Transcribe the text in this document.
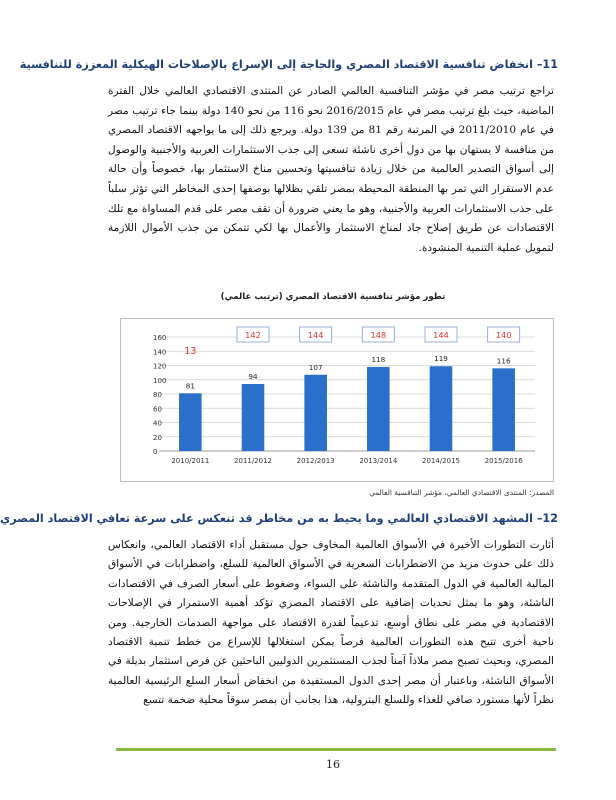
11– انخفاض تنافسية الاقتصاد المصري والحاجة إلى الإسراع بالإصلاحات الهيكلية المعززة للتنافسية
تراجع ترتيب مصر في مؤشر التنافسية العالمي الصادر عن المنتدى الاقتصادي العالمي خلال الفترة الماضية، حيث بلغ ترتيب مصر في عام 2016/2015 نحو 116 من نحو 140 دولة بينما جاء ترتيب مصر في عام 2011/2010 في المرتبة رقم 81 من 139 دولة. ويرجع ذلك إلى ما يواجهه الاقتصاد المصري من منافسة لا يستهان بها من دول أخرى ناشئة تسعى إلى جذب الاستثمارات العربية والأجنبية والوصول إلى أسواق التصدير العالمية من خلال زيادة تنافسيتها وتحسين مناخ الاستثمار بها، خصوصاً وأن حالة عدم الاستقرار التي تمر بها المنطقة المحيطة بمصر تلقي بظلالها بوصفها إحدى المخاطر التي تؤثر سلباً على جذب الاستثمارات العربية والأجنبية، وهو ما يعني ضرورة أن تقف مصر على قدم المساواة مع تلك الاقتصادات عن طريق إصلاح جاد لمناخ الاستثمار والأعمال بها لكي تتمكن من جذب الأموال اللازمة لتمويل عملية التنمية المنشودة.
تطور مؤشر تنافسية الاقتصاد المصري (ترتيب عالمي)
0
20
40
60
80
100
120
140
160
81
2010/2011
13
94
2011/2012
142
107
2012/2013
144
118
2013/2014
148
119
2014/2015
144
116
2015/2016
140
المصدر: المنتدى الاقتصادي العالمي، مؤشر التنافسية العالمي
12– المشهد الاقتصادي العالمي وما يحيط به من مخاطر قد تنعكس على سرعة تعافي الاقتصاد المصري
أثارت التطورات الأخيرة في الأسواق العالمية المخاوف حول مستقبل أداء الاقتصاد العالمي، وانعكاس ذلك على حدوث مزيد من الاضطرابات السعرية في الأسواق العالمية للسلع، واضطرابات في الأسواق المالية العالمية في الدول المتقدمة والناشئة على السواء، وضغوط على أسعار الصرف في الاقتصادات الناشئة، وهو ما يمثل تحديات إضافية على الاقتصاد المصري تؤكد أهمية الاستمرار في الإصلاحات الاقتصادية في مصر على نطاق أوسع، تدعيماً لقدرة الاقتصاد على مواجهة الصدمات الخارجية. ومن ناحية أخرى تتيح هذه التطورات العالمية فرصاً يمكن استغلالها للإسراع من خطط تنمية الاقتصاد المصري، وبحيث تصبح مصر ملاذاً آمناً لجذب المستثمرين الدوليين الباحثين عن فرص استثمار بديلة في الأسواق الناشئة، وباعتبار أن مصر إحدى الدول المستفيدة من انخفاض أسعار السلع الرئيسية العالمية نظراً لأنها مستورد صافي للغذاء وللسلع البترولية، هذا بجانب أن بمصر سوقاً محلية ضخمة تتسع
16
